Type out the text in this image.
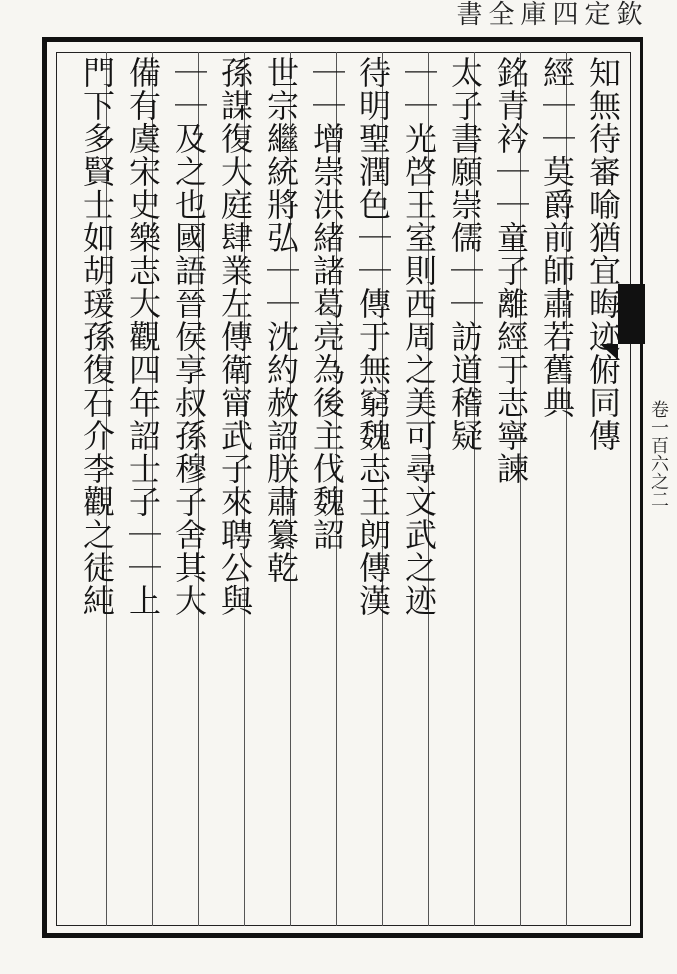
欽定四庫全書
卷一百六之二
知無待審喻猶宜晦迹俯同傳
經｜｜莫爵前師肅若舊典
銘青衿｜｜童子離經于志寧諫
太子書願崇儒｜｜訪道稽疑
｜｜光啓王室則西周之美可尋文武之迹
待明聖潤色｜｜傳于無窮魏志王朗傳漢
｜｜增崇洪緒諸葛亮為後主伐魏詔
世宗繼統將弘｜｜沈約赦詔朕肅纂乾
孫謀復大庭肆業左傳衛甯武子來聘公與
｜｜及之也國語晉侯享叔孫穆子舍其大
備有虞宋史樂志大觀四年詔士子｜｜上
門下多賢士如胡瑗孫復石介李觀之徒純
